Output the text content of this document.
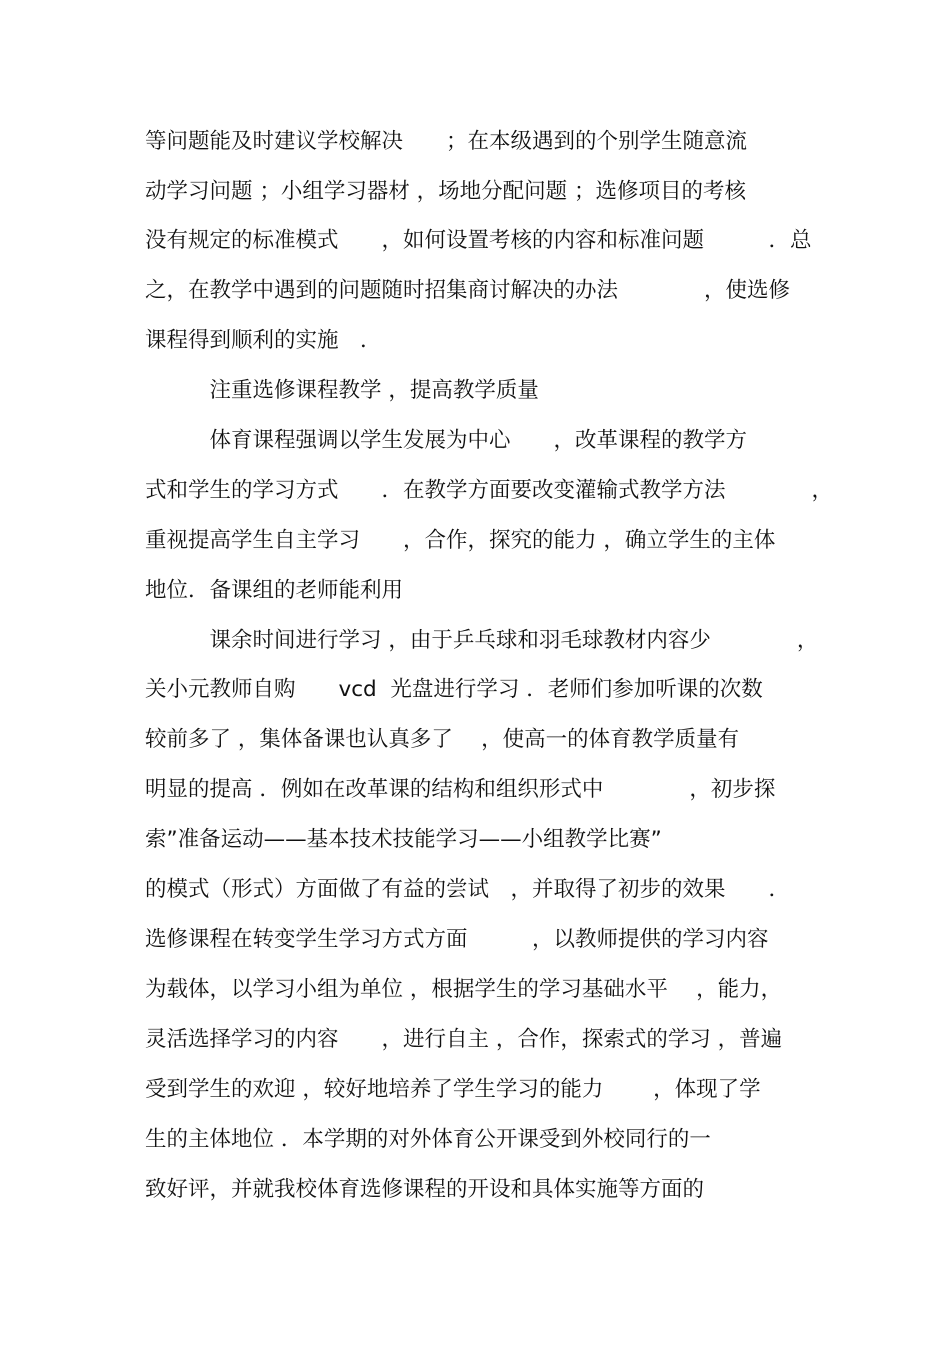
等问题能及时建议学校解决　　；在本级遇到的个别学生随意流
动学习问题 ；小组学习器材 ，场地分配问题 ；选修项目的考核
没有规定的标准模式　　，如何设置考核的内容和标准问题　　　．总
之，在教学中遇到的问题随时招集商讨解决的办法　　　　，使选修
课程得到顺利的实施　．
　　　注重选修课程教学 ，提高教学质量
　　　体育课程强调以学生发展为中心　　，改革课程的教学方
式和学生的学习方式　　．在教学方面要改变灌输式教学方法　　　　，
重视提高学生自主学习　　，合作，探究的能力 ，确立学生的主体
地位．备课组的老师能利用
　　　课余时间进行学习 ，由于乒乓球和羽毛球教材内容少　　　　，
关小元教师自购　　vcd  光盘进行学习 ．老师们参加听课的次数
较前多了 ，集体备课也认真多了　 ，使高一的体育教学质量有
明显的提高 ．例如在改革课的结构和组织形式中　　　　，初步探
索”准备运动——基本技术技能学习——小组教学比赛”
的模式（形式）方面做了有益的尝试　，并取得了初步的效果　　．
选修课程在转变学生学习方式方面　　　，以教师提供的学习内容
为载体，以学习小组为单位 ，根据学生的学习基础水平　 ，能力，
灵活选择学习的内容　　，进行自主 ，合作，探索式的学习 ，普遍
受到学生的欢迎 ，较好地培养了学生学习的能力　　 ，体现了学
生的主体地位 ．本学期的对外体育公开课受到外校同行的一
致好评，并就我校体育选修课程的开设和具体实施等方面的
